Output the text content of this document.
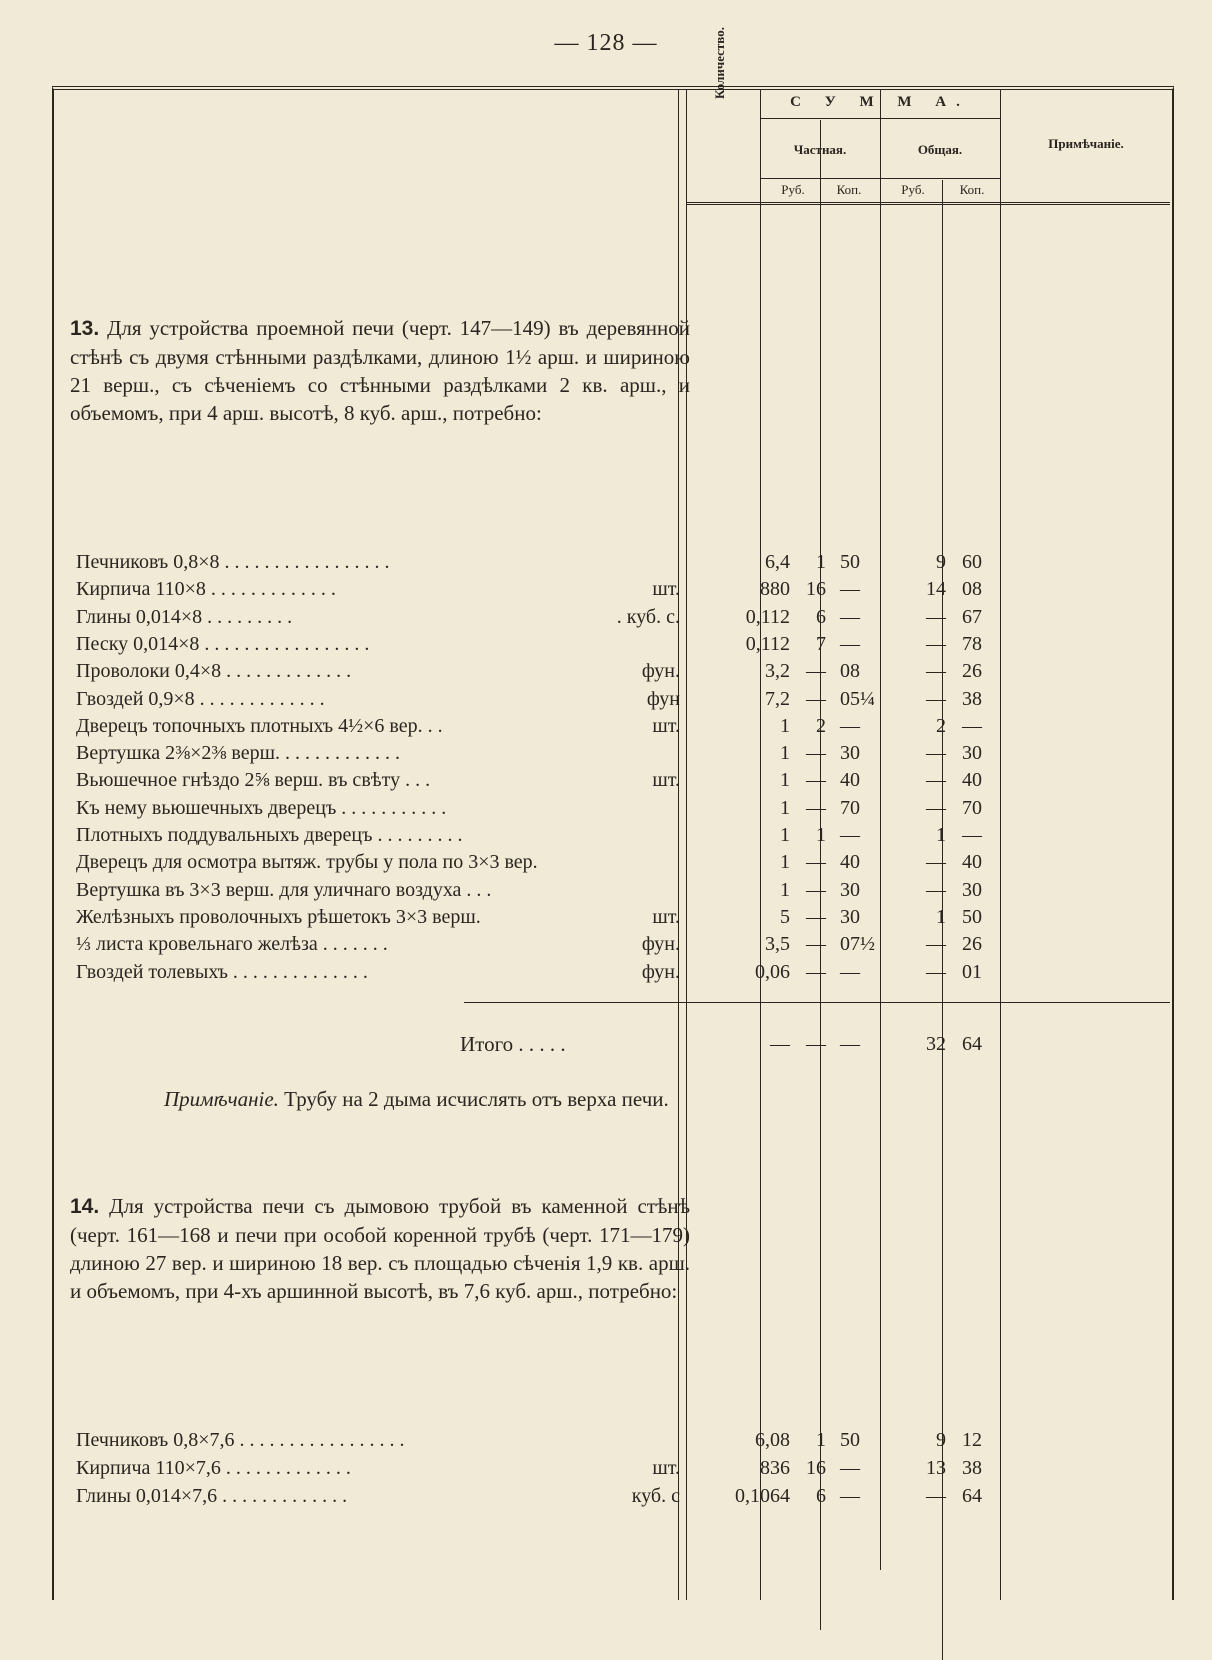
— 128 —	Количество.
С У М М А.
Частная.	Общая.
Руб.	Коп.	Руб.	Коп.
Примѣчаніе.
13. Для устройства проемной печи (черт. 147—149) въ деревянной стѣнѣ съ двумя стѣнными раздѣлками, длиною 1½ арш. и шириною 21 верш., съ сѣченіемъ со стѣнными раздѣлками 2 кв. арш., и объемомъ, при 4 арш. высотѣ, 8 куб. арш., потребно:
Печниковъ 0,8×8 . . . . . . . . . . . . . . . . .	6,4	1 50	9 60
Кирпича 110×8 . . . . . . . . . . . . .	шт.	880 16 —	14 08
Глины 0,014×8 . . . . . . . . .	. куб. с.	0,112	6 —	— 67
Песку 0,014×8 . . . . . . . . . . . . . . . . .	0,112	7 —	— 78
Проволоки 0,4×8 . . . . . . . . . . . . .	фун.	3,2 — 08	— 26
Гвоздей 0,9×8 . . . . . . . . . . . . .	фун	7,2 — 05¼	— 38
Дверецъ топочныхъ плотныхъ 4½×6 вер. . .	шт.	1	2 —	2 —
Вертушка 2⅜×2⅜ верш. . . . . . . . . . . . .	1 — 30	— 30
Вьюшечное гнѣздо 2⅝ верш. въ свѣту . . .	шт.	1 — 40	— 40
Къ нему вьюшечныхъ дверецъ . . . . . . . . . . .	1 — 70	— 70
Плотныхъ поддувальныхъ дверецъ . . . . . . . . .	1	1 —	1 —
Дверецъ для осмотра вытяж. трубы у пола по 3×3 вер.	1 — 40	— 40
Вертушка въ 3×3 верш. для уличнаго воздуха . . .	1 — 30	— 30
Желѣзныхъ проволочныхъ рѣшетокъ 3×3 верш.	шт.	5 — 30	1 50
⅓ листа кровельнаго желѣза . . . . . . .	фун.	3,5 — 07½	— 26
Гвоздей толевыхъ . . . . . . . . . . . . . .	фун.	0,06 — —	— 01
Итого . . . . .	— — —	32 64
Примѣчаніе. Трубу на 2 дыма исчислять отъ верха печи.
14. Для устройства печи съ дымовою трубой въ каменной стѣнѣ (черт. 161—168 и печи при особой коренной трубѣ (черт. 171—179) длиною 27 вер. и шириною 18 вер. съ площадью сѣченія 1,9 кв. арш. и объемомъ, при 4-хъ аршинной высотѣ, въ 7,6 куб. арш., потребно:
Печниковъ 0,8×7,6 . . . . . . . . . . . . . . . . .	6,08	1 50	9 12
Кирпича 110×7,6 . . . . . . . . . . . . .	шт.	836 16 —	13 38
Глины 0,014×7,6 . . . . . . . . . . . . .	куб. с	0,1064	6 —	— 64
